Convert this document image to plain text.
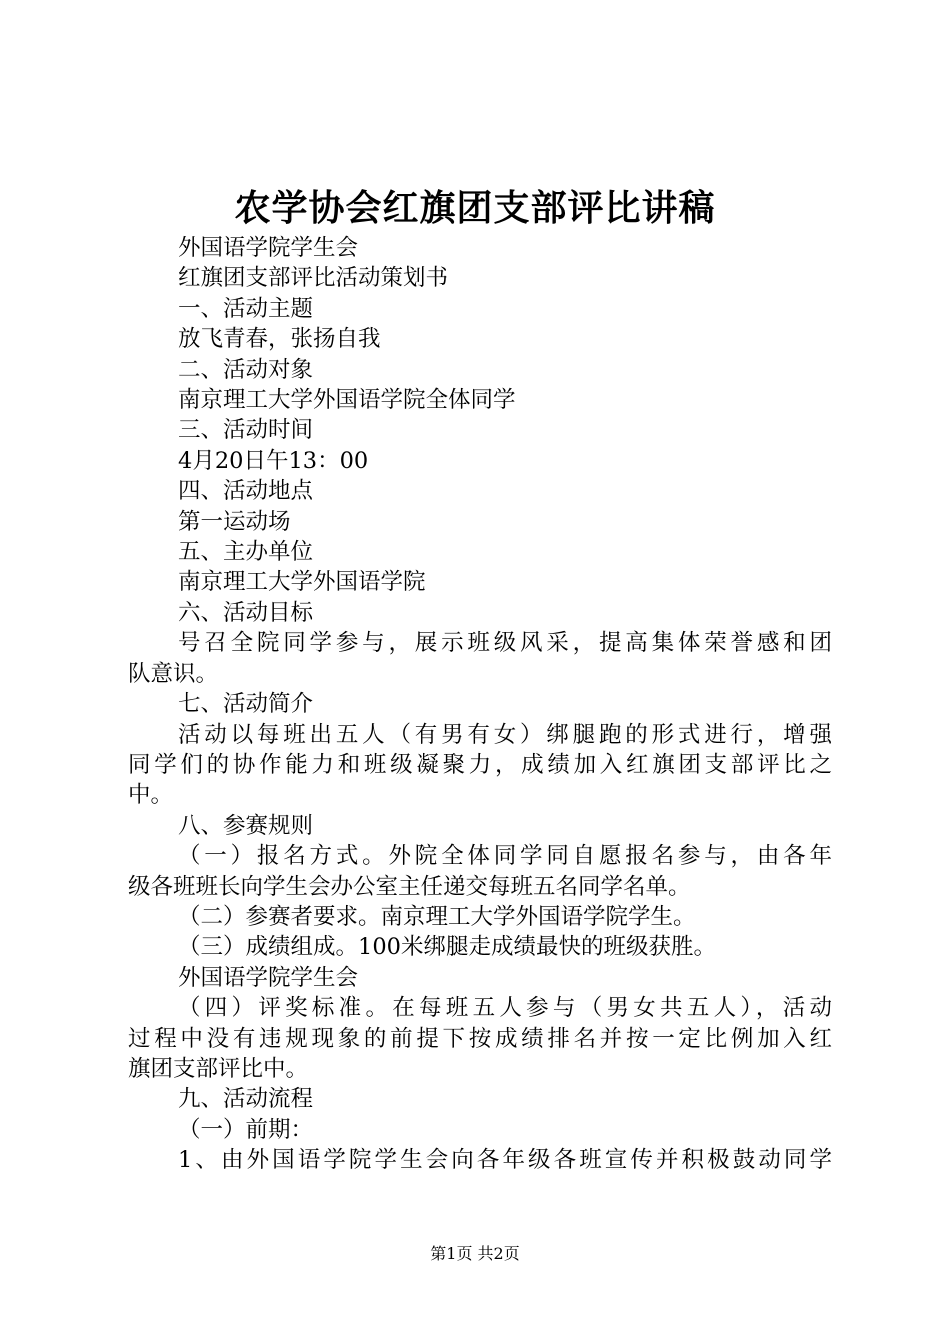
农学协会红旗团支部评比讲稿
外国语学院学生会
红旗团支部评比活动策划书
一、活动主题
放飞青春，张扬自我
二、活动对象
南京理工大学外国语学院全体同学
三、活动时间
4月20日午13：00
四、活动地点
第一运动场
五、主办单位
南京理工大学外国语学院
六、活动目标
号召全院同学参与，展示班级风采，提高集体荣誉感和团
队意识。
七、活动简介
活动以每班出五人（有男有女）绑腿跑的形式进行，增强
同学们的协作能力和班级凝聚力，成绩加入红旗团支部评比之
中。
八、参赛规则
（一）报名方式。外院全体同学同自愿报名参与，由各年
级各班班长向学生会办公室主任递交每班五名同学名单。
（二）参赛者要求。南京理工大学外国语学院学生。
（三）成绩组成。100米绑腿走成绩最快的班级获胜。
外国语学院学生会
（四）评奖标准。在每班五人参与（男女共五人），活动
过程中没有违规现象的前提下按成绩排名并按一定比例加入红
旗团支部评比中。
九、活动流程
（一）前期：
1、由外国语学院学生会向各年级各班宣传并积极鼓动同学
第1页 共2页
